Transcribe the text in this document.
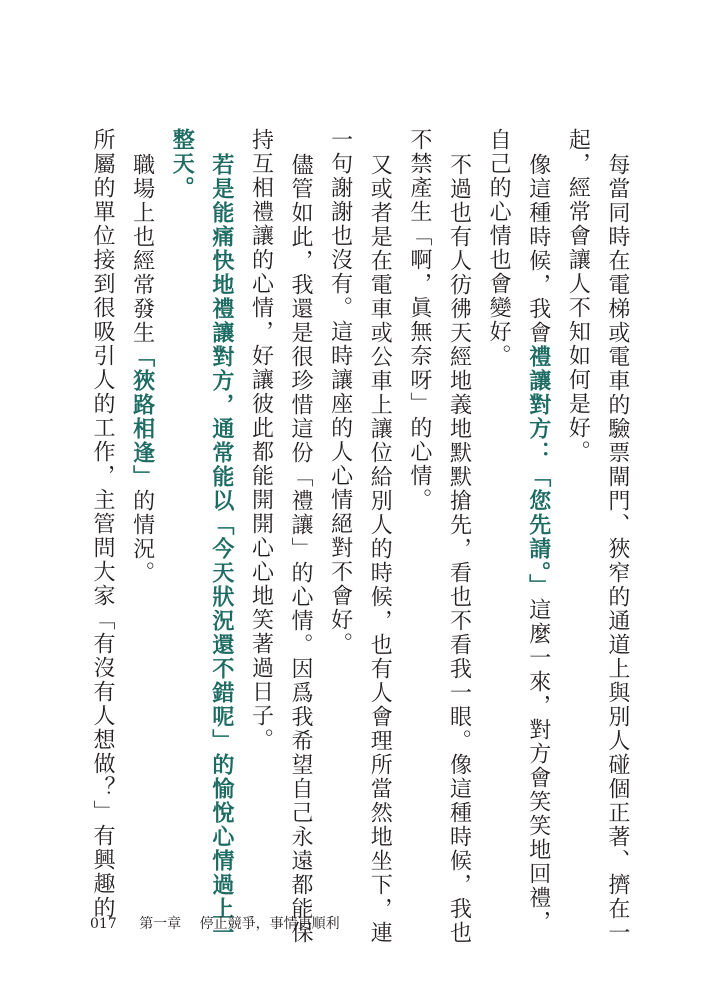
每當同時在電梯或電車的驗票閘門、狹窄的通道上與別人碰個正著、擠在一
起，經常會讓人不知如何是好。
像這種時候，我會禮讓對方：「您先請。」這麼一來，對方會笑笑地回禮，
自己的心情也會變好。
不過也有人彷彿天經地義地默默搶先，看也不看我一眼。像這種時候，我也
不禁產生「啊，眞無奈呀」的心情。
又或者是在電車或公車上讓位給別人的時候，也有人會理所當然地坐下，連
一句謝謝也沒有。這時讓座的人心情絕對不會好。
儘管如此，我還是很珍惜這份「禮讓」的心情。因爲我希望自己永遠都能保
持互相禮讓的心情，好讓彼此都能開開心心地笑著過日子。
若是能痛快地禮讓對方，通常能以「今天狀況還不錯呢」的愉悅心情過上一
整天。
職場上也經常發生「狹路相逢」的情況。
所屬的單位接到很吸引人的工作，主管問大家「有沒有人想做？」有興趣的
017 第一章 停止競爭，事情更順利
